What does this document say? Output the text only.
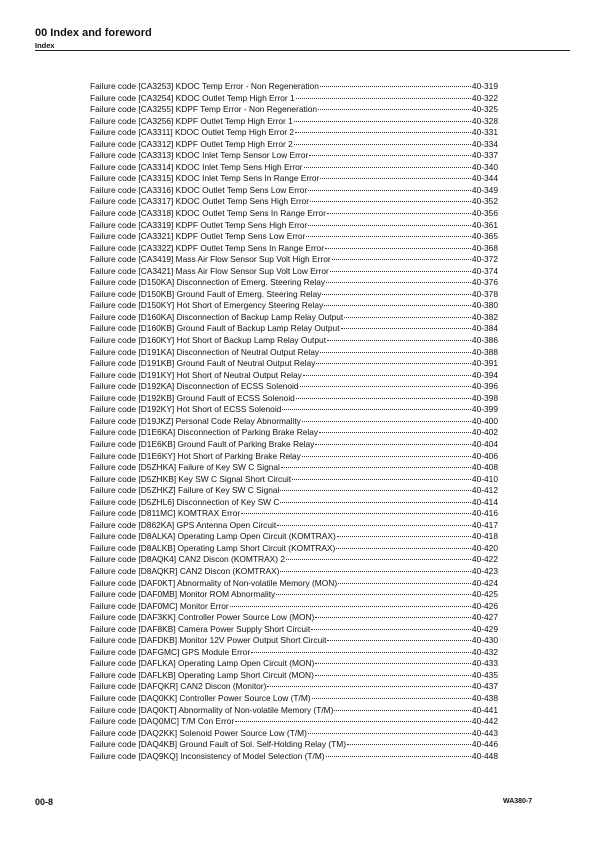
00 Index and foreword
Index
Failure code [CA3253] KDOC Temp Error - Non Regeneration	40-319
Failure code [CA3254] KDOC Outlet Temp High Error 1	40-322
Failure code [CA3255] KDPF Temp Error - Non Regeneration	40-325
Failure code [CA3256] KDPF Outlet Temp High Error 1	40-328
Failure code [CA3311] KDOC Outlet Temp High Error 2	40-331
Failure code [CA3312] KDPF Outlet Temp High Error 2	40-334
Failure code [CA3313] KDOC Inlet Temp Sensor Low Error	40-337
Failure code [CA3314] KDOC Inlet Temp Sens High Error	40-340
Failure code [CA3315] KDOC Inlet Temp Sens In Range Error	40-344
Failure code [CA3316] KDOC Outlet Temp Sens Low Error	40-349
Failure code [CA3317] KDOC Outlet Temp Sens High Error	40-352
Failure code [CA3318] KDOC Outlet Temp Sens In Range Error	40-356
Failure code [CA3319] KDPF Outlet Temp Sens High Error	40-361
Failure code [CA3321] KDPF Outlet Temp Sens Low Error	40-365
Failure code [CA3322] KDPF Outlet Temp Sens In Range Error	40-368
Failure code [CA3419] Mass Air Flow Sensor Sup Volt High Error	40-372
Failure code [CA3421] Mass Air Flow Sensor Sup Volt Low Error	40-374
Failure code [D150KA] Disconnection of Emerg. Steering Relay	40-376
Failure code [D150KB] Ground Fault of Emerg. Steering Relay	40-378
Failure code [D150KY] Hot Short of Emergency Steering Relay	40-380
Failure code [D160KA] Disconnection of Backup Lamp Relay Output	40-382
Failure code [D160KB] Ground Fault of Backup Lamp Relay Output	40-384
Failure code [D160KY] Hot Short of Backup Lamp Relay Output	40-386
Failure code [D191KA] Disconnection of Neutral Output Relay	40-388
Failure code [D191KB] Ground Fault of Neutral Output Relay	40-391
Failure code [D191KY] Hot Short of Neutral Output Relay	40-394
Failure code [D192KA] Disconnection of ECSS Solenoid	40-396
Failure code [D192KB] Ground Fault of ECSS Solenoid	40-398
Failure code [D192KY] Hot Short of ECSS Solenoid	40-399
Failure code [D19JKZ] Personal Code Relay Abnormality	40-400
Failure code [D1E6KA] Disconnection of Parking Brake Relay	40-402
Failure code [D1E6KB] Ground Fault of Parking Brake Relay	40-404
Failure code [D1E6KY] Hot Short of Parking Brake Relay	40-406
Failure code [D5ZHKA] Failure of Key SW C Signal	40-408
Failure code [D5ZHKB] Key SW C Signal Short Circuit	40-410
Failure code [D5ZHKZ] Failure of Key SW C Signal	40-412
Failure code [D5ZHL6] Disconnection of Key SW C	40-414
Failure code [D811MC] KOMTRAX Error	40-416
Failure code [D862KA] GPS Antenna Open Circuit	40-417
Failure code [D8ALKA] Operating Lamp Open Circuit (KOMTRAX)	40-418
Failure code [D8ALKB] Operating Lamp Short Circuit (KOMTRAX)	40-420
Failure code [D8AQK4] CAN2 Discon (KOMTRAX) 2	40-422
Failure code [D8AQKR] CAN2 Discon (KOMTRAX)	40-423
Failure code [DAF0KT] Abnormality of Non-volatile Memory (MON)	40-424
Failure code [DAF0MB] Monitor ROM Abnormality	40-425
Failure code [DAF0MC] Monitor Error	40-426
Failure code [DAF3KK] Controller Power Source Low (MON)	40-427
Failure code [DAF8KB] Camera Power Supply Short Circuit	40-429
Failure code [DAFDKB] Monitor 12V Power Output Short Circuit	40-430
Failure code [DAFGMC] GPS Module Error	40-432
Failure code [DAFLKA] Operating Lamp Open Circuit (MON)	40-433
Failure code [DAFLKB] Operating Lamp Short Circuit (MON)	40-435
Failure code [DAFQKR] CAN2 Discon (Monitor)	40-437
Failure code [DAQ0KK] Controller Power Source Low (T/M)	40-438
Failure code [DAQ0KT] Abnormality of Non-volatile Memory (T/M)	40-441
Failure code [DAQ0MC] T/M Con Error	40-442
Failure code [DAQ2KK] Solenoid Power Source Low (T/M)	40-443
Failure code [DAQ4KB] Ground Fault of Sol. Self-Holding Relay (TM)	40-446
Failure code [DAQ9KQ] Inconsistency of Model Selection (T/M)	40-448
00-8	WA380-7
